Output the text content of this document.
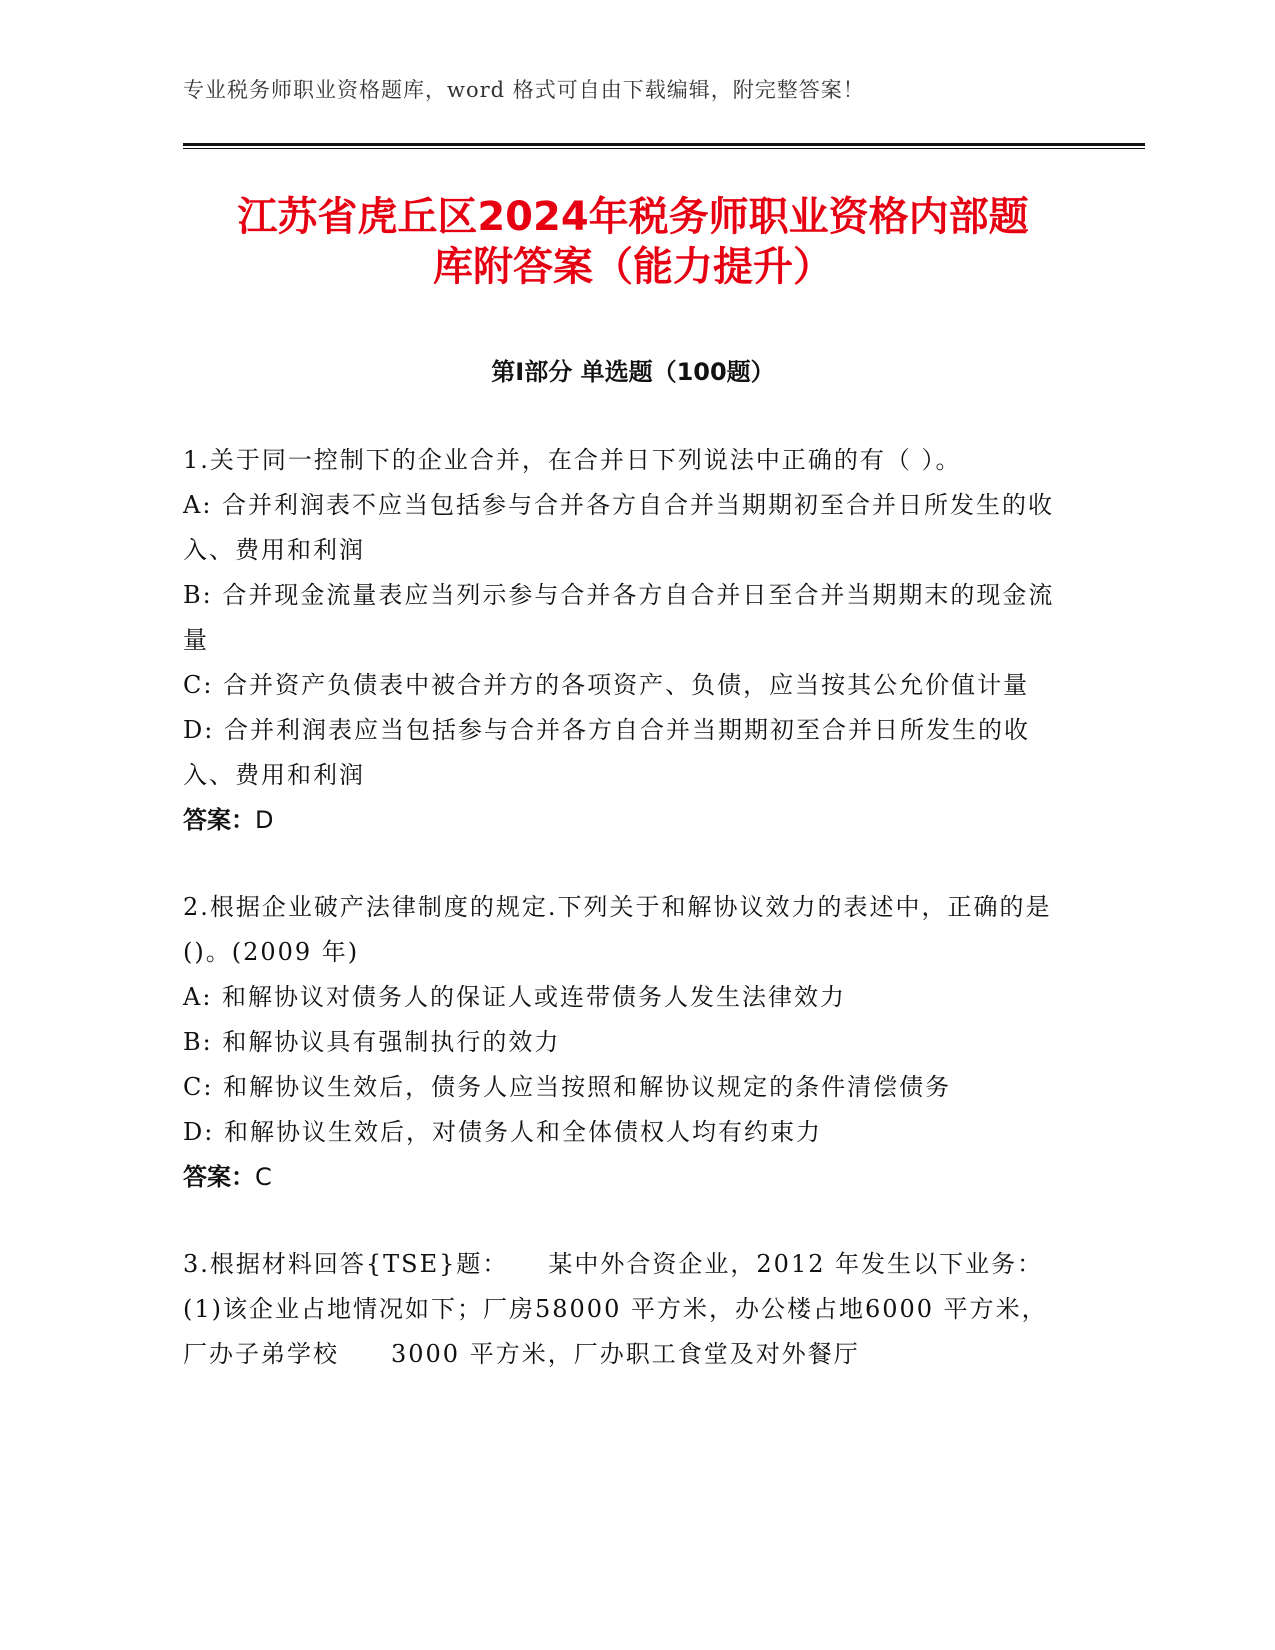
专业税务师职业资格题库，word 格式可自由下载编辑，附完整答案！
江苏省虎丘区2024年税务师职业资格内部题
库附答案（能力提升）
第Ⅰ部分 单选题（100题）
1.关于同一控制下的企业合并，在合并日下列说法中正确的有（ ）。
A: 合并利润表不应当包括参与合并各方自合并当期期初至合并日所发生的收入、费用和利润
B: 合并现金流量表应当列示参与合并各方自合并日至合并当期期末的现金流量
C: 合并资产负债表中被合并方的各项资产、负债，应当按其公允价值计量
D: 合并利润表应当包括参与合并各方自合并当期期初至合并日所发生的收入、费用和利润
答案：D
2.根据企业破产法律制度的规定.下列关于和解协议效力的表述中，正确的是()。(2009 年)
A: 和解协议对债务人的保证人或连带债务人发生法律效力
B: 和解协议具有强制执行的效力
C: 和解协议生效后，债务人应当按照和解协议规定的条件清偿债务
D: 和解协议生效后，对债务人和全体债权人均有约束力
答案：C
3.根据材料回答{TSE}题：　　某中外合资企业，2012 年发生以下业务：　　(1)该企业占地情况如下；厂房58000 平方米，办公楼占地6000 平方米，厂办子弟学校　　3000 平方米，厂办职工食堂及对外餐厅
